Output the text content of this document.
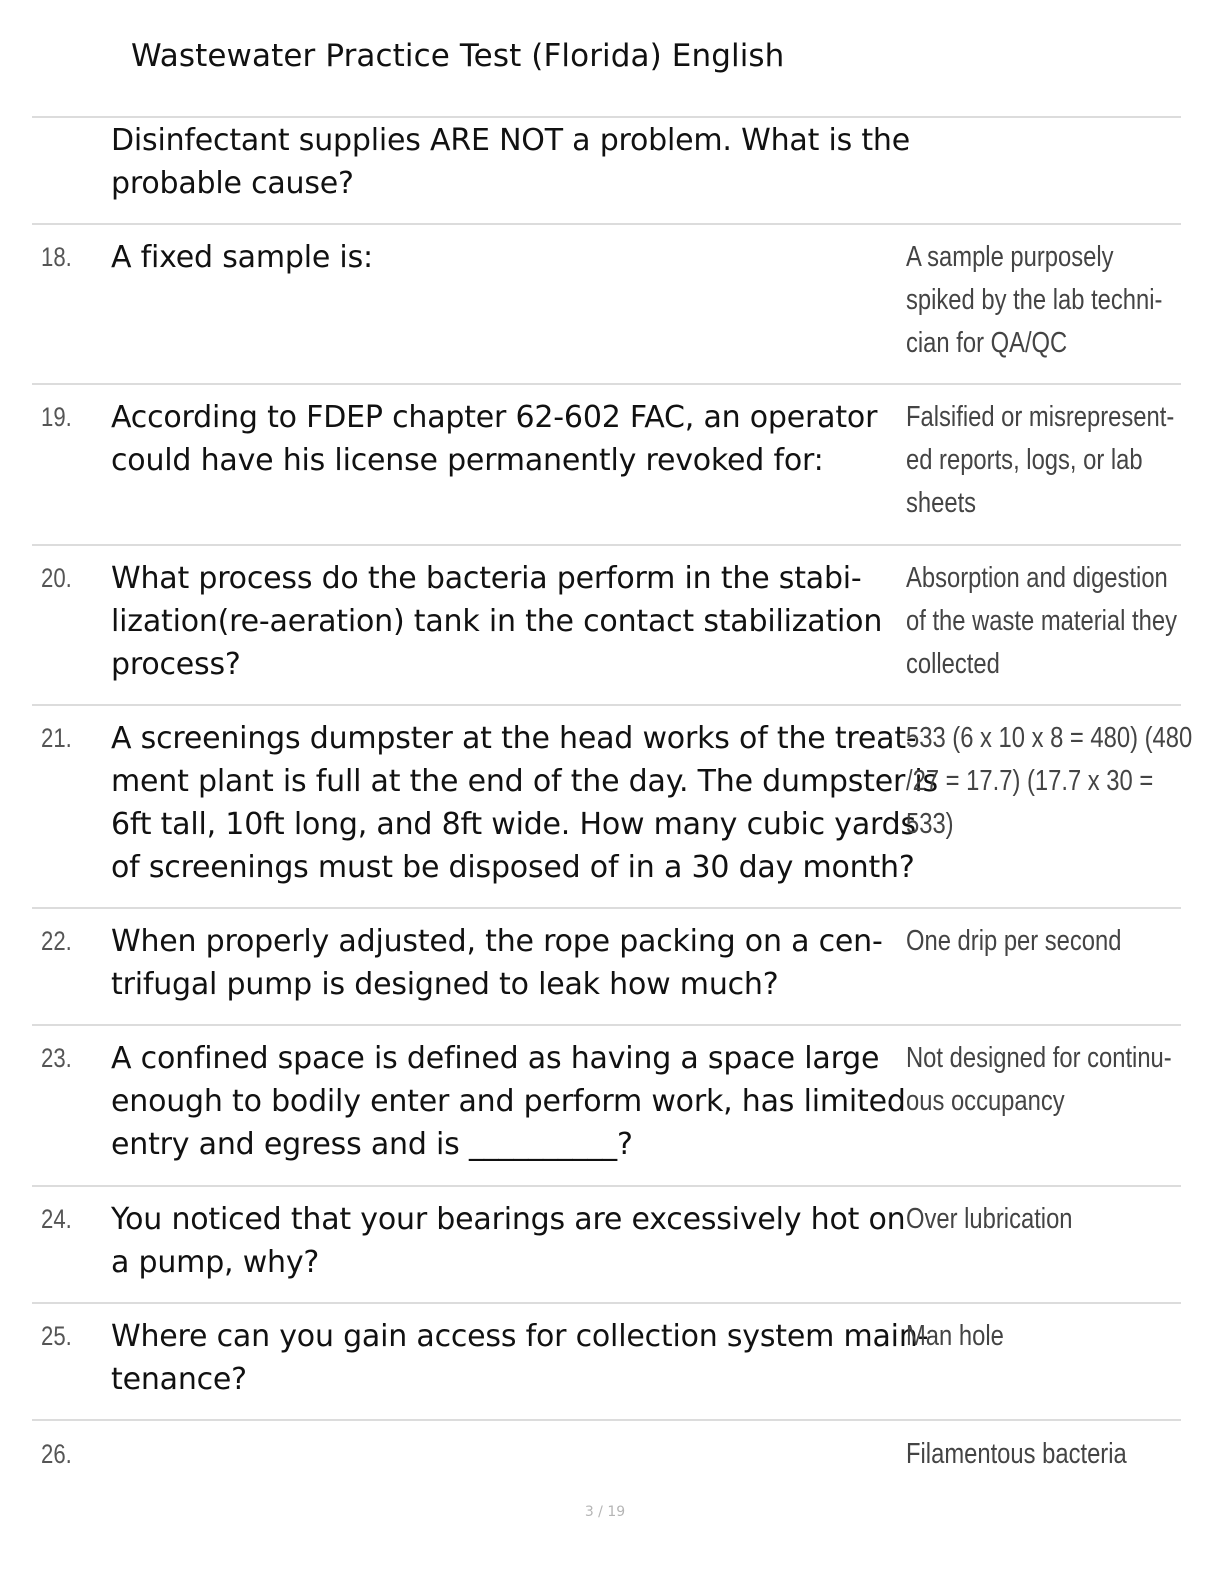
Wastewater Practice Test (Florida) English
Disinfectant supplies ARE NOT a problem. What is the
probable cause?
18. A fixed sample is:	A sample purposely
spiked by the lab techni-
cian for QA/QC
19. According to FDEP chapter 62-602 FAC, an operator
could have his license permanently revoked for:
Falsified or misrepresent-
ed reports, logs, or lab
sheets
20. What process do the bacteria perform in the stabi-
lization(re-aeration) tank in the contact stabilization
process?
Absorption and digestion
of the waste material they
collected
21. A screenings dumpster at the head works of the treat-
ment plant is full at the end of the day. The dumpster is
6ft tall, 10ft long, and 8ft wide. How many cubic yards
of screenings must be disposed of in a 30 day month?
533 (6 x 10 x 8 = 480) (480
/27 = 17.7) (17.7 x 30 =
533)
22. When properly adjusted, the rope packing on a cen-
trifugal pump is designed to leak how much?
One drip per second
23. A confined space is defined as having a space large
enough to bodily enter and perform work, has limited
entry and egress and is __________?
Not designed for continu-
ous occupancy
24. You noticed that your bearings are excessively hot on
a pump, why?
Over lubrication
25. Where can you gain access for collection system main-
tenance?
Man hole
26.	Filamentous bacteria
3 / 19
